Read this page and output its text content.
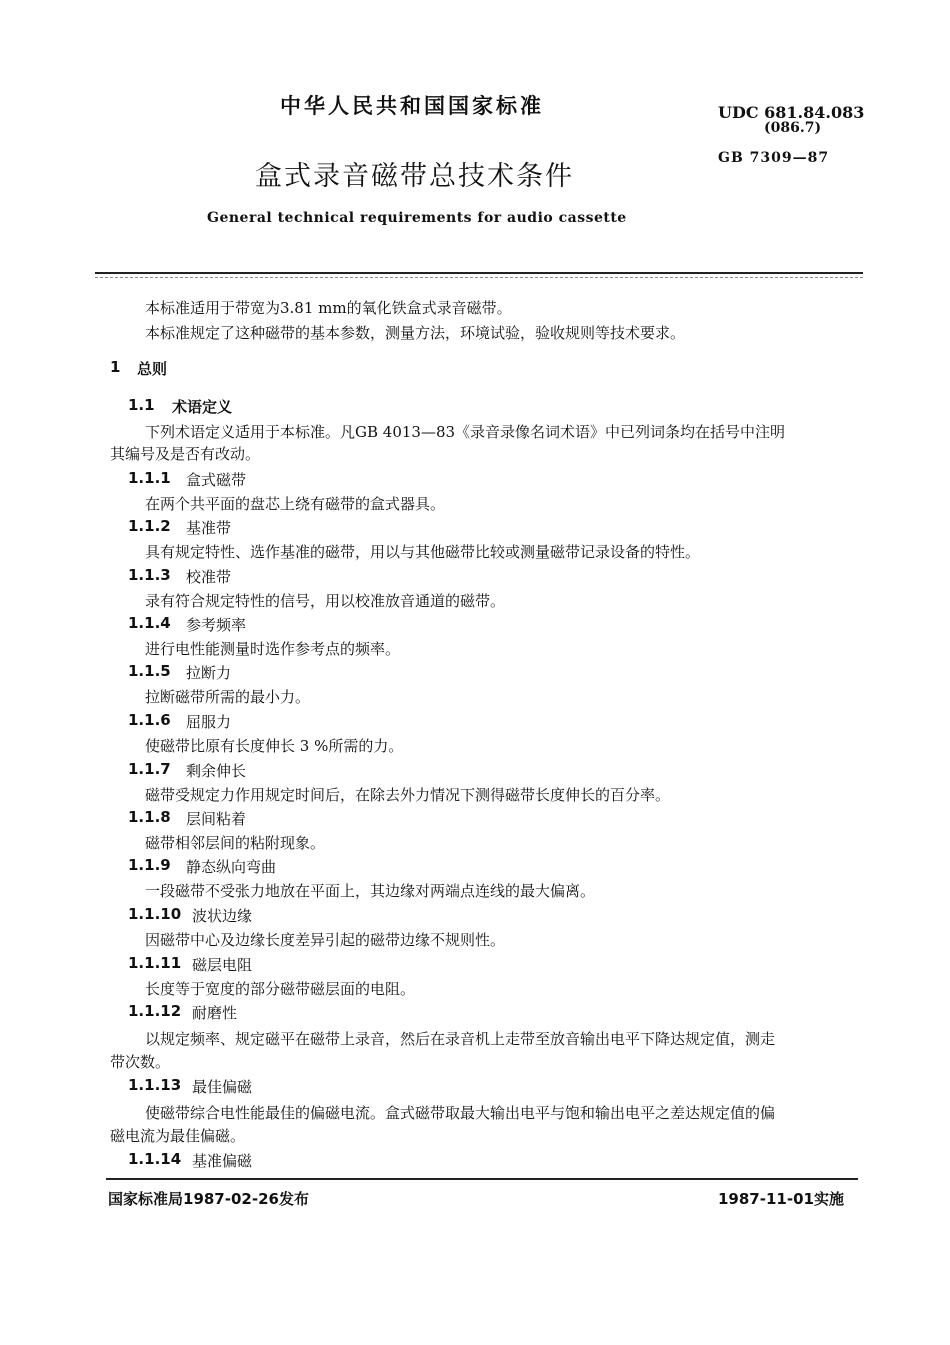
中华人民共和国国家标准	UDC 681.84.083
(086.7)
GB 7309—87
盒式录音磁带总技术条件
General technical requirements for audio cassette
本标准适用于带宽为3.81 mm的氧化铁盒式录音磁带。
本标准规定了这种磁带的基本参数，测量方法，环境试验，验收规则等技术要求。
1 总则
1.1 术语定义
下列术语定义适用于本标准。凡GB 4013—83《录音录像名词术语》中已列词条均在括号中注明
其编号及是否有改动。
1.1.1 盒式磁带
在两个共平面的盘芯上绕有磁带的盒式器具。
1.1.2 基准带
具有规定特性、选作基准的磁带，用以与其他磁带比较或测量磁带记录设备的特性。
1.1.3 校准带
录有符合规定特性的信号，用以校准放音通道的磁带。
1.1.4 参考频率
进行电性能测量时选作参考点的频率。
1.1.5 拉断力
拉断磁带所需的最小力。
1.1.6 屈服力
使磁带比原有长度伸长 3 %所需的力。
1.1.7 剩余伸长
磁带受规定力作用规定时间后，在除去外力情况下测得磁带长度伸长的百分率。
1.1.8 层间粘着
磁带相邻层间的粘附现象。
1.1.9 静态纵向弯曲
一段磁带不受张力地放在平面上，其边缘对两端点连线的最大偏离。
1.1.10 波状边缘
因磁带中心及边缘长度差异引起的磁带边缘不规则性。
1.1.11 磁层电阻
长度等于宽度的部分磁带磁层面的电阻。
1.1.12 耐磨性
以规定频率、规定磁平在磁带上录音，然后在录音机上走带至放音输出电平下降达规定值，测走
带次数。
1.1.13 最佳偏磁
使磁带综合电性能最佳的偏磁电流。盒式磁带取最大输出电平与饱和输出电平之差达规定值的偏
磁电流为最佳偏磁。
1.1.14 基准偏磁
国家标准局1987-02-26发布	1987-11-01实施
